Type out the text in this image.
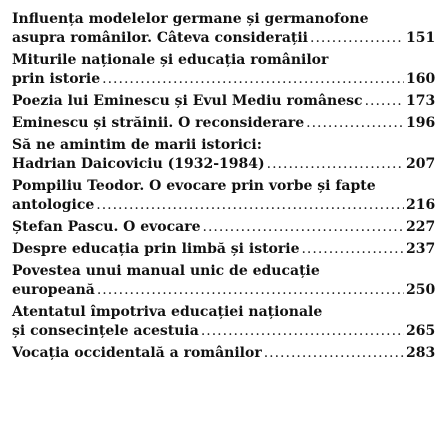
Influența modelelor germane și germanofone
asupra românilor. Câteva considerații .....	151
Miturile naționale și educația românilor
prin istorie .....	160
Poezia lui Eminescu și Evul Mediu românesc .....	173
Eminescu și străinii. O reconsiderare .....	196
Să ne amintim de marii istorici:
Hadrian Daicoviciu (1932-1984) .....	207
Pompiliu Teodor. O evocare prin vorbe și fapte
antologice .....	216
Ștefan Pascu. O evocare .....	227
Despre educația prin limbă și istorie .....	237
Povestea unui manual unic de educație
europeană .....	250
Atentatul împotriva educației naționale
și consecințele acestuia .....	265
Vocația occidentală a românilor .....	283
